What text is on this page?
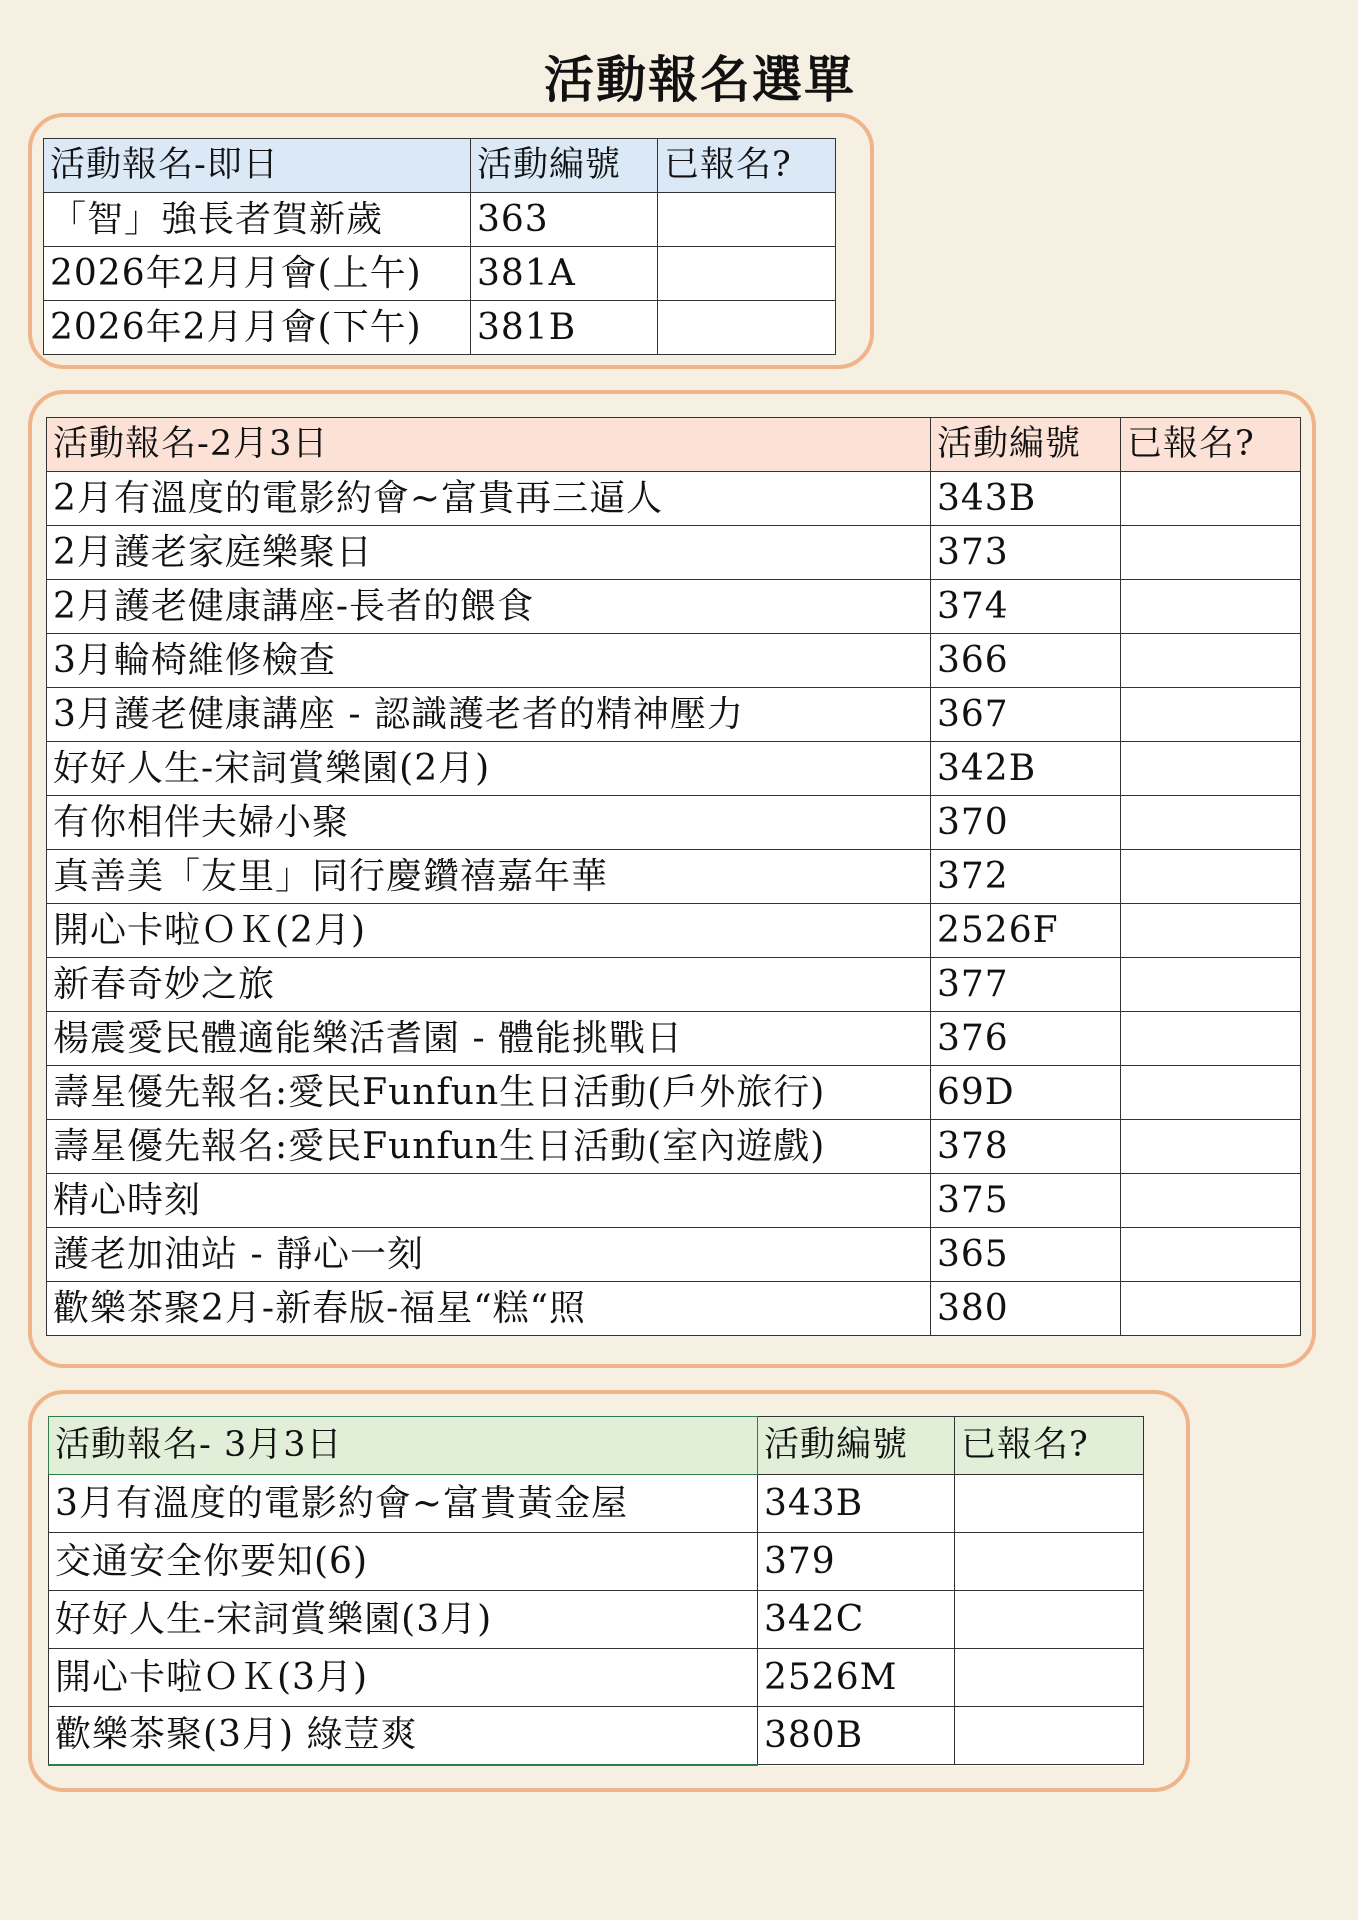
活動報名選單
活動報名-即日	活動編號	已報名?
「智」強長者賀新歲	363	
2026年2月月會(上午)	381A	
2026年2月月會(下午)	381B	
活動報名-2月3日	活動編號	已報名?
2月有溫度的電影約會~富貴再三逼人	343B	
2月護老家庭樂聚日	373	
2月護老健康講座-長者的餵食	374	
3月輪椅維修檢查	366	
3月護老健康講座 - 認識護老者的精神壓力	367	
好好人生-宋詞賞樂園(2月)	342B	
有你相伴夫婦小聚	370	
真善美「友里」同行慶鑽禧嘉年華	372	
開心卡啦ＯＫ(2月)	2526F	
新春奇妙之旅	377	
楊震愛民體適能樂活耆園 - 體能挑戰日	376	
壽星優先報名:愛民Funfun生日活動(戶外旅行)	69D	
壽星優先報名:愛民Funfun生日活動(室內遊戲)	378	
精心時刻	375	
護老加油站 - 靜心一刻	365	
歡樂茶聚2月-新春版-福星“糕“照	380	
活動報名- 3月3日	活動編號	已報名?
3月有溫度的電影約會~富貴黃金屋	343B	
交通安全你要知(6)	379	
好好人生-宋詞賞樂園(3月)	342C	
開心卡啦ＯＫ(3月)	2526M	
歡樂茶聚(3月) 綠荳爽	380B	
